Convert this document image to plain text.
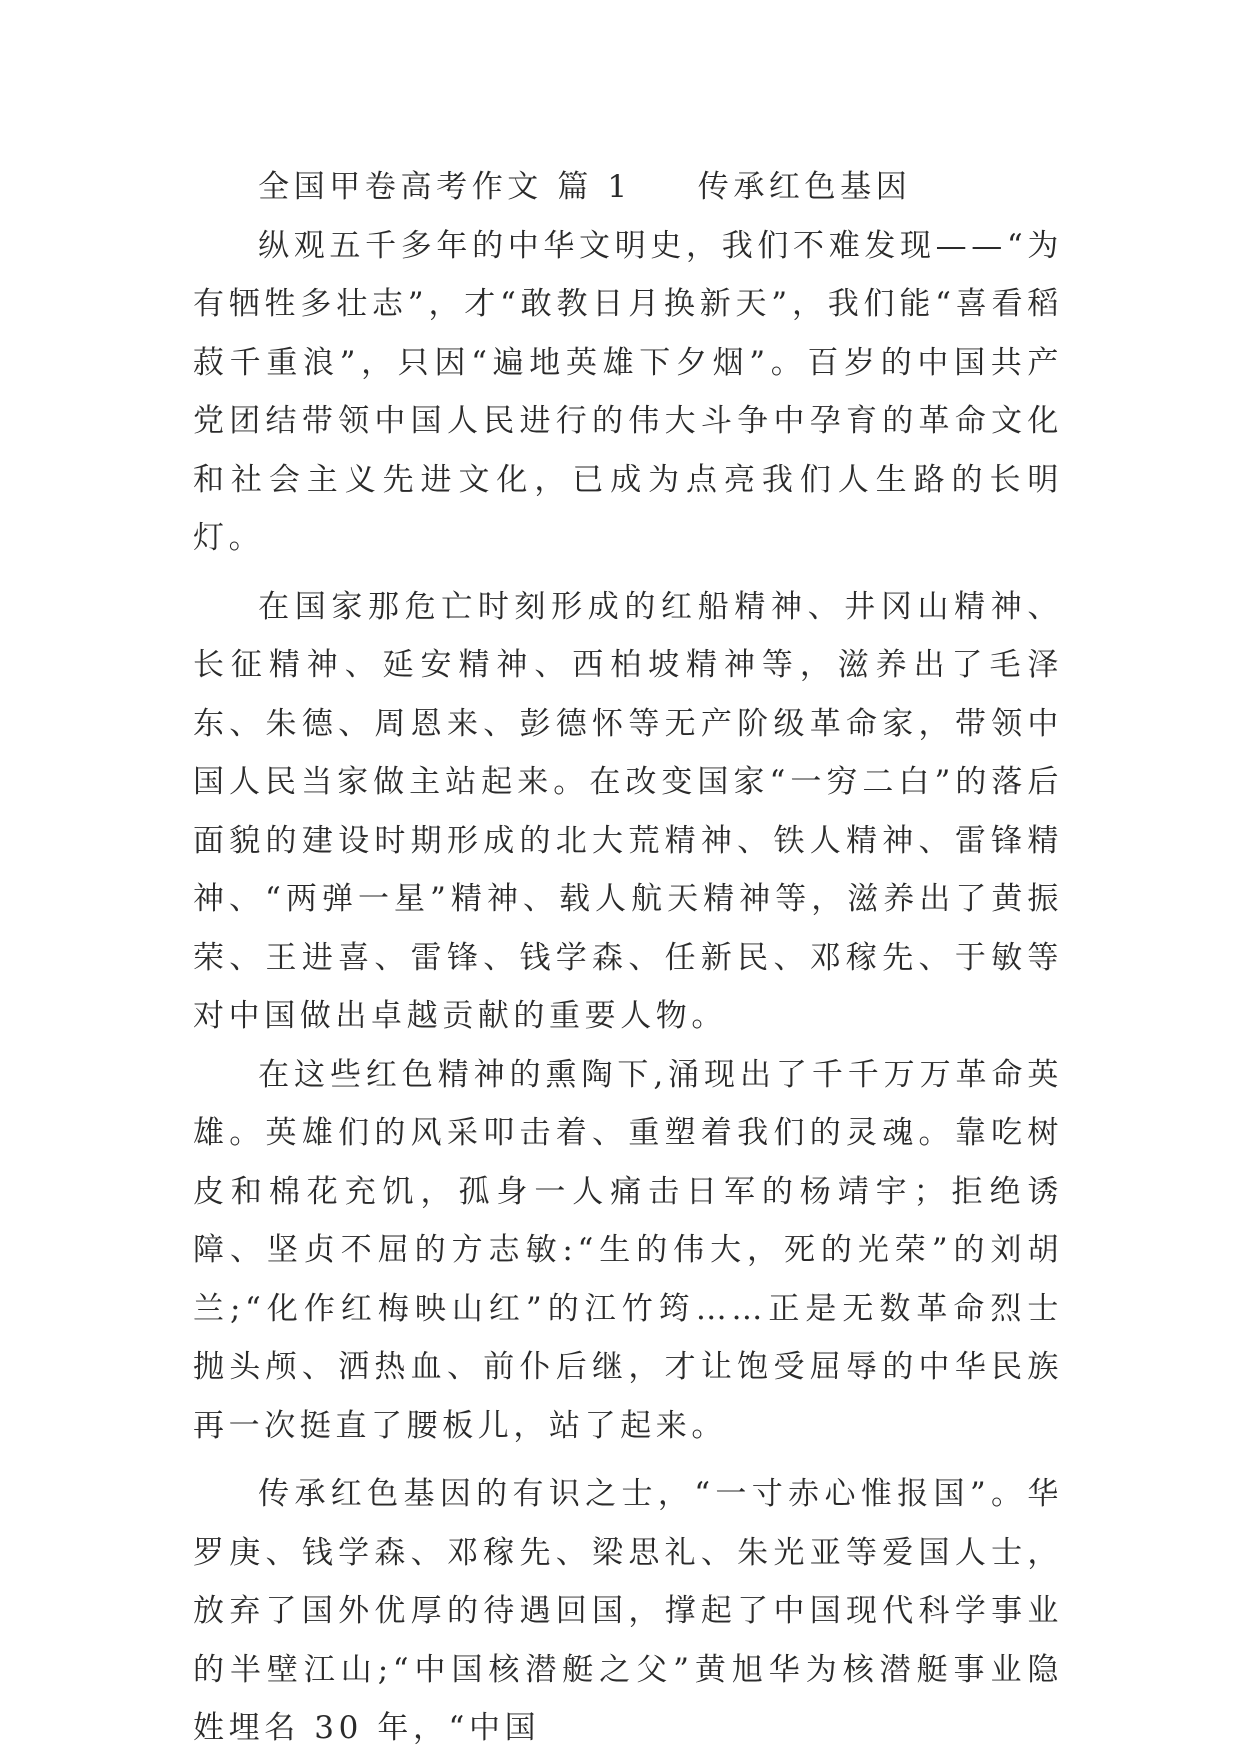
全国甲卷高考作文 篇 1 传承红色基因

纵观五千多年的中华文明史，我们不难发现——“为有牺牲多壮志”，才“敢教日月换新天”，我们能“喜看稻菽千重浪”，只因“遍地英雄下夕烟”。百岁的中国共产党团结带领中国人民进行的伟大斗争中孕育的革命文化和社会主义先进文化，已成为点亮我们人生路的长明灯。

在国家那危亡时刻形成的红船精神、井冈山精神、长征精神、延安精神、西柏坡精神等，滋养出了毛泽东、朱德、周恩来、彭德怀等无产阶级革命家，带领中国人民当家做主站起来。在改变国家“一穷二白”的落后面貌的建设时期形成的北大荒精神、铁人精神、雷锋精神、“两弹一星”精神、载人航天精神等，滋养出了黄振荣、王进喜、雷锋、钱学森、任新民、邓稼先、于敏等对中国做出卓越贡献的重要人物。

在这些红色精神的熏陶下,涌现出了千千万万革命英雄。英雄们的风采叩击着、重塑着我们的灵魂。靠吃树皮和棉花充饥，孤身一人痛击日军的杨靖宇；拒绝诱障、坚贞不屈的方志敏:“生的伟大，死的光荣”的刘胡兰;“化作红梅映山红”的江竹筠……正是无数革命烈士抛头颅、洒热血、前仆后继，才让饱受屈辱的中华民族再一次挺直了腰板儿，站了起来。

传承红色基因的有识之士，“一寸赤心惟报国”。华罗庚、钱学森、邓稼先、梁思礼、朱光亚等爱国人士，放弃了国外优厚的待遇回国，撑起了中国现代科学事业的半壁江山;“中国核潜艇之父”黄旭华为核潜艇事业隐姓埋名 30 年，“中国
